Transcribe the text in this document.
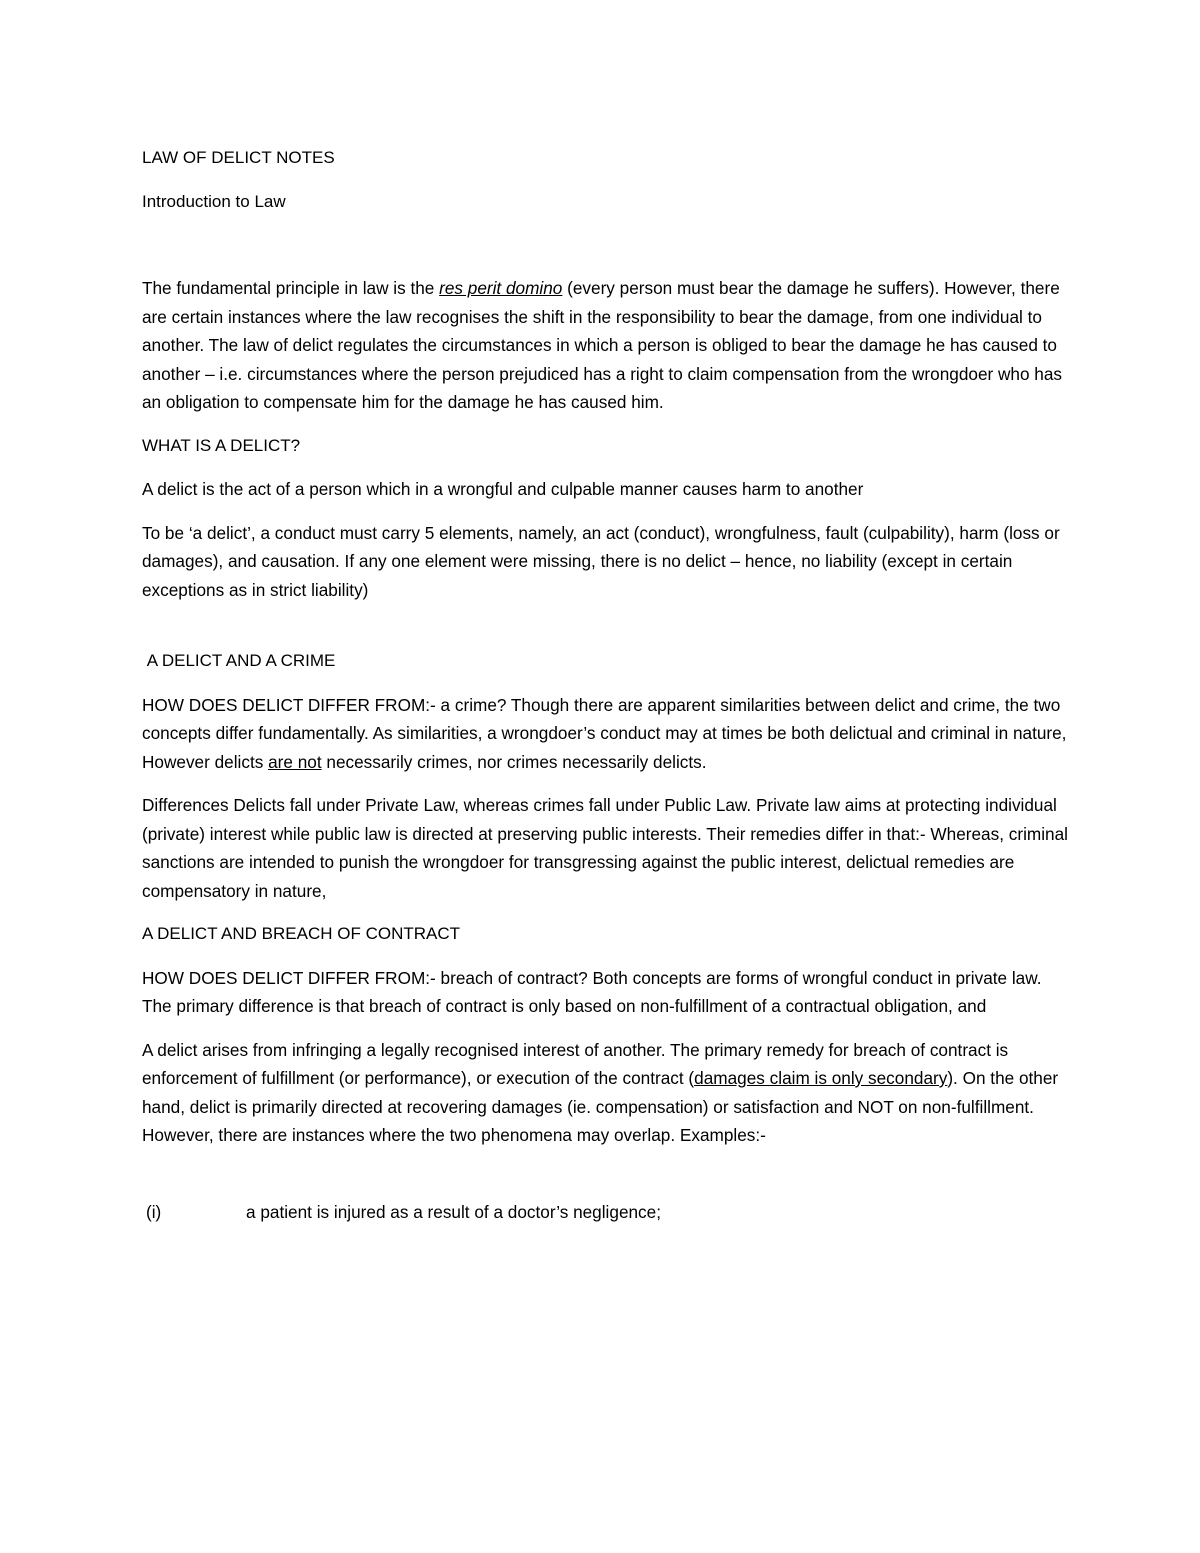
LAW OF DELICT NOTES

Introduction to Law

The fundamental principle in law is the res perit domino (every person must bear the damage he suffers). However, there are certain instances where the law recognises the shift in the responsibility to bear the damage, from one individual to another. The law of delict regulates the circumstances in which a person is obliged to bear the damage he has caused to another – i.e. circumstances where the person prejudiced has a right to claim compensation from the wrongdoer who has an obligation to compensate him for the damage he has caused him.

WHAT IS A DELICT?

A delict is the act of a person which in a wrongful and culpable manner causes harm to another

To be ‘a delict’, a conduct must carry 5 elements, namely, an act (conduct), wrongfulness, fault (culpability), harm (loss or damages), and causation. If any one element were missing, there is no delict – hence, no liability (except in certain exceptions as in strict liability)

A DELICT AND A CRIME

HOW DOES DELICT DIFFER FROM:- a crime? Though there are apparent similarities between delict and crime, the two concepts differ fundamentally. As similarities, a wrongdoer’s conduct may at times be both delictual and criminal in nature, However delicts are not necessarily crimes, nor crimes necessarily delicts.

Differences Delicts fall under Private Law, whereas crimes fall under Public Law. Private law aims at protecting individual (private) interest while public law is directed at preserving public interests. Their remedies differ in that:- Whereas, criminal sanctions are intended to punish the wrongdoer for transgressing against the public interest, delictual remedies are compensatory in nature,

A DELICT AND BREACH OF CONTRACT

HOW DOES DELICT DIFFER FROM:- breach of contract? Both concepts are forms of wrongful conduct in private law. The primary difference is that breach of contract is only based on non-fulfillment of a contractual obligation, and

A delict arises from infringing a legally recognised interest of another. The primary remedy for breach of contract is enforcement of fulfillment (or performance), or execution of the contract (damages claim is only secondary). On the other hand, delict is primarily directed at recovering damages (ie. compensation) or satisfaction and NOT on non-fulfillment. However, there are instances where the two phenomena may overlap. Examples:-

(i)	a patient is injured as a result of a doctor’s negligence;
